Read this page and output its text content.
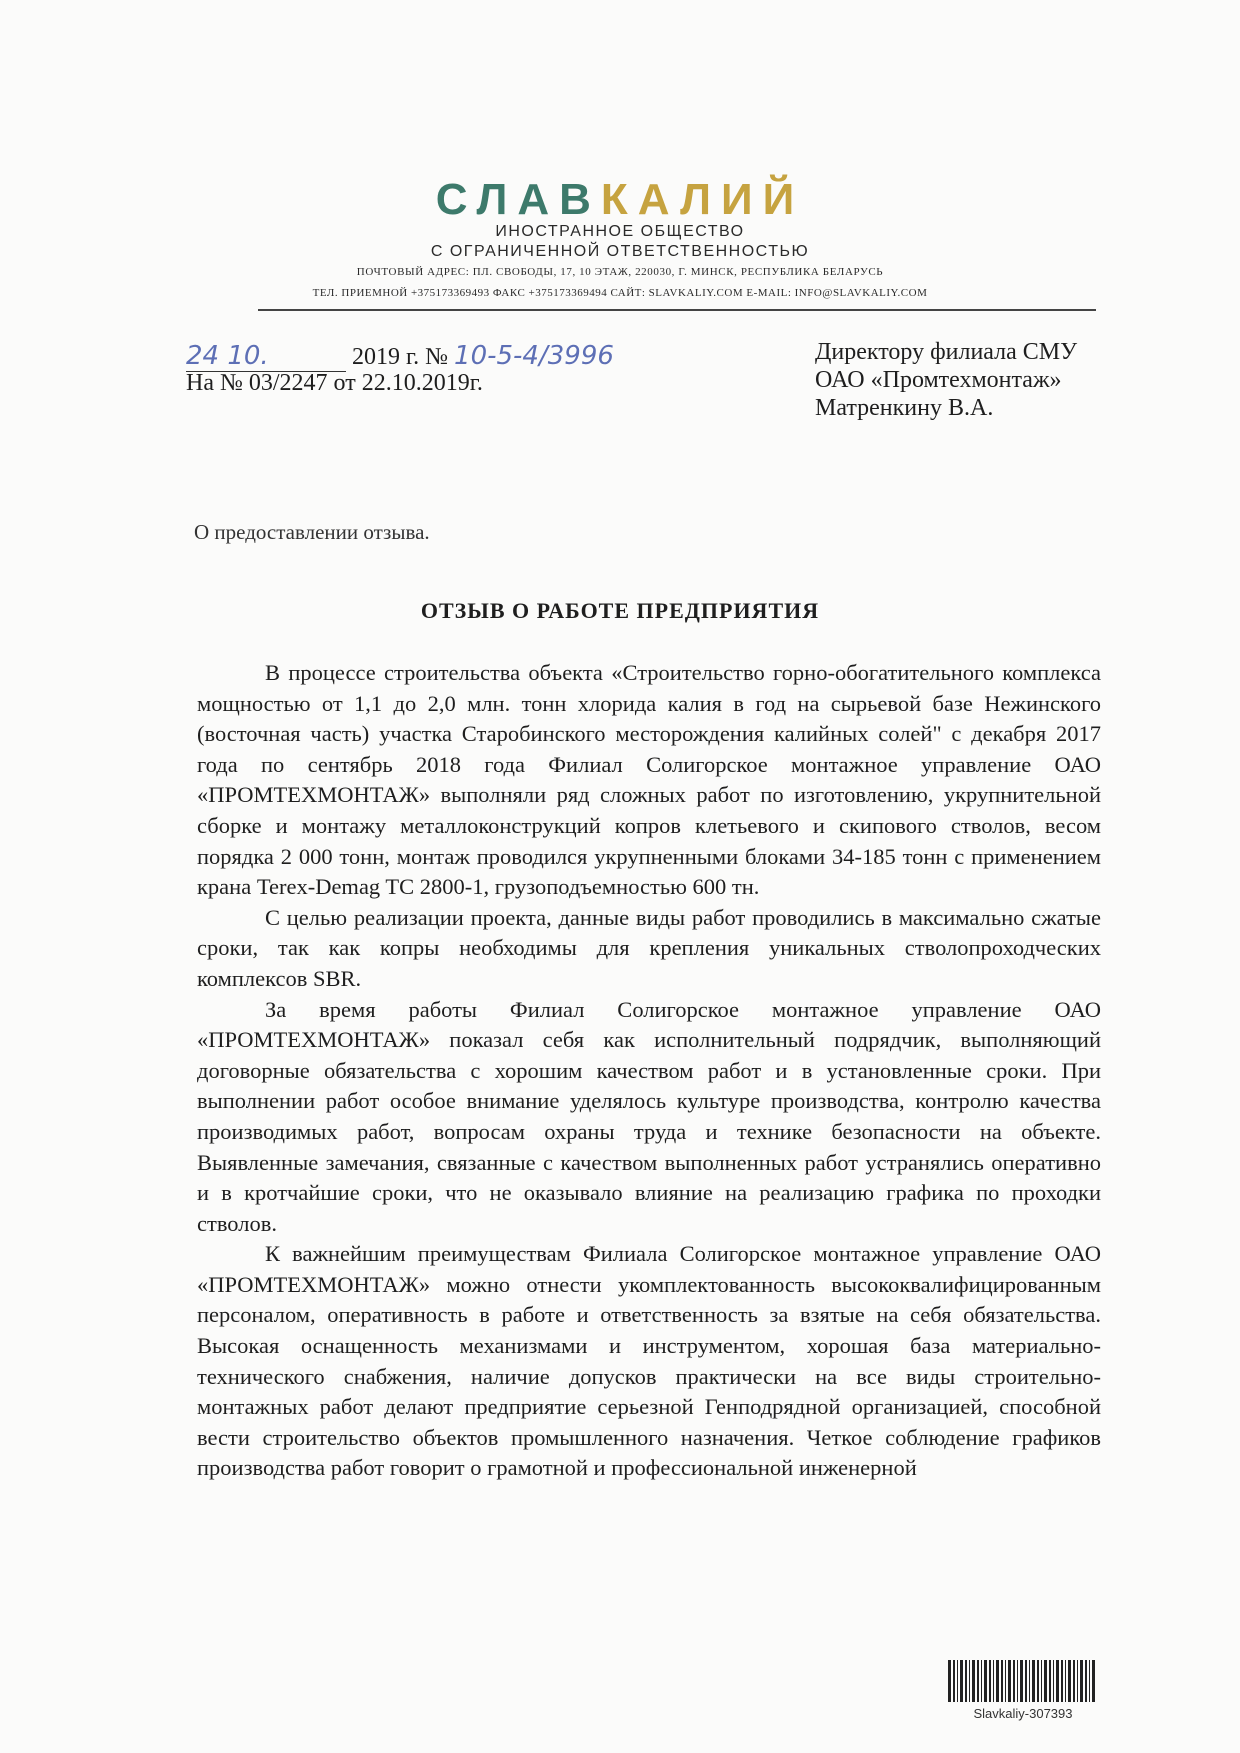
СЛАВКАЛИЙ
ИНОСТРАННОЕ ОБЩЕСТВО
С ОГРАНИЧЕННОЙ ОТВЕТСТВЕННОСТЬЮ
ПОЧТОВЫЙ АДРЕС: ПЛ. СВОБОДЫ, 17, 10 ЭТАЖ, 220030, Г. МИНСК, РЕСПУБЛИКА БЕЛАРУСЬ
ТЕЛ. ПРИЕМНОЙ +375173369493 ФАКС +375173369494 САЙТ: SLAVKALIY.COM E-MAIL: INFO@SLAVKALIY.COM
24 10.	2019 г. № 10-5-4/3996
На № 03/2247 от 22.10.2019г.
Директору филиала СМУ
ОАО «Промтехмонтаж»
Матренкину В.А.
О предоставлении отзыва.
ОТЗЫВ О РАБОТЕ ПРЕДПРИЯТИЯ

В процессе строительства объекта «Строительство горно-обогатительного комплекса мощностью от 1,1 до 2,0 млн. тонн хлорида калия в год на сырьевой базе Нежинского (восточная часть) участка Старобинского месторождения калийных солей" с декабря 2017 года по сентябрь 2018 года Филиал Солигорское монтажное управление ОАО «ПРОМТЕХМОНТАЖ» выполняли ряд сложных работ по изготовлению, укрупнительной сборке и монтажу металлоконструкций копров клетьевого и скипового стволов, весом порядка 2 000 тонн, монтаж проводился укрупненными блоками 34-185 тонн с применением крана Terex-Demag TC 2800-1, грузоподъемностью 600 тн.

С целью реализации проекта, данные виды работ проводились в максимально сжатые сроки, так как копры необходимы для крепления уникальных стволопроходческих комплексов SBR.

За время работы Филиал Солигорское монтажное управление ОАО «ПРОМТЕХМОНТАЖ» показал себя как исполнительный подрядчик, выполняющий договорные обязательства с хорошим качеством работ и в установленные сроки. При выполнении работ особое внимание уделялось культуре производства, контролю качества производимых работ, вопросам охраны труда и технике безопасности на объекте. Выявленные замечания, связанные с качеством выполненных работ устранялись оперативно и в кротчайшие сроки, что не оказывало влияние на реализацию графика по проходки стволов.

К важнейшим преимуществам Филиала Солигорское монтажное управление ОАО «ПРОМТЕХМОНТАЖ» можно отнести укомплектованность высококвалифицированным персоналом, оперативность в работе и ответственность за взятые на себя обязательства. Высокая оснащенность механизмами и инструментом, хорошая база материально-технического снабжения, наличие допусков практически на все виды строительно-монтажных работ делают предприятие серьезной Генподрядной организацией, способной вести строительство объектов промышленного назначения. Четкое соблюдение графиков производства работ говорит о грамотной и профессиональной инженерной

Slavkaliy-307393
